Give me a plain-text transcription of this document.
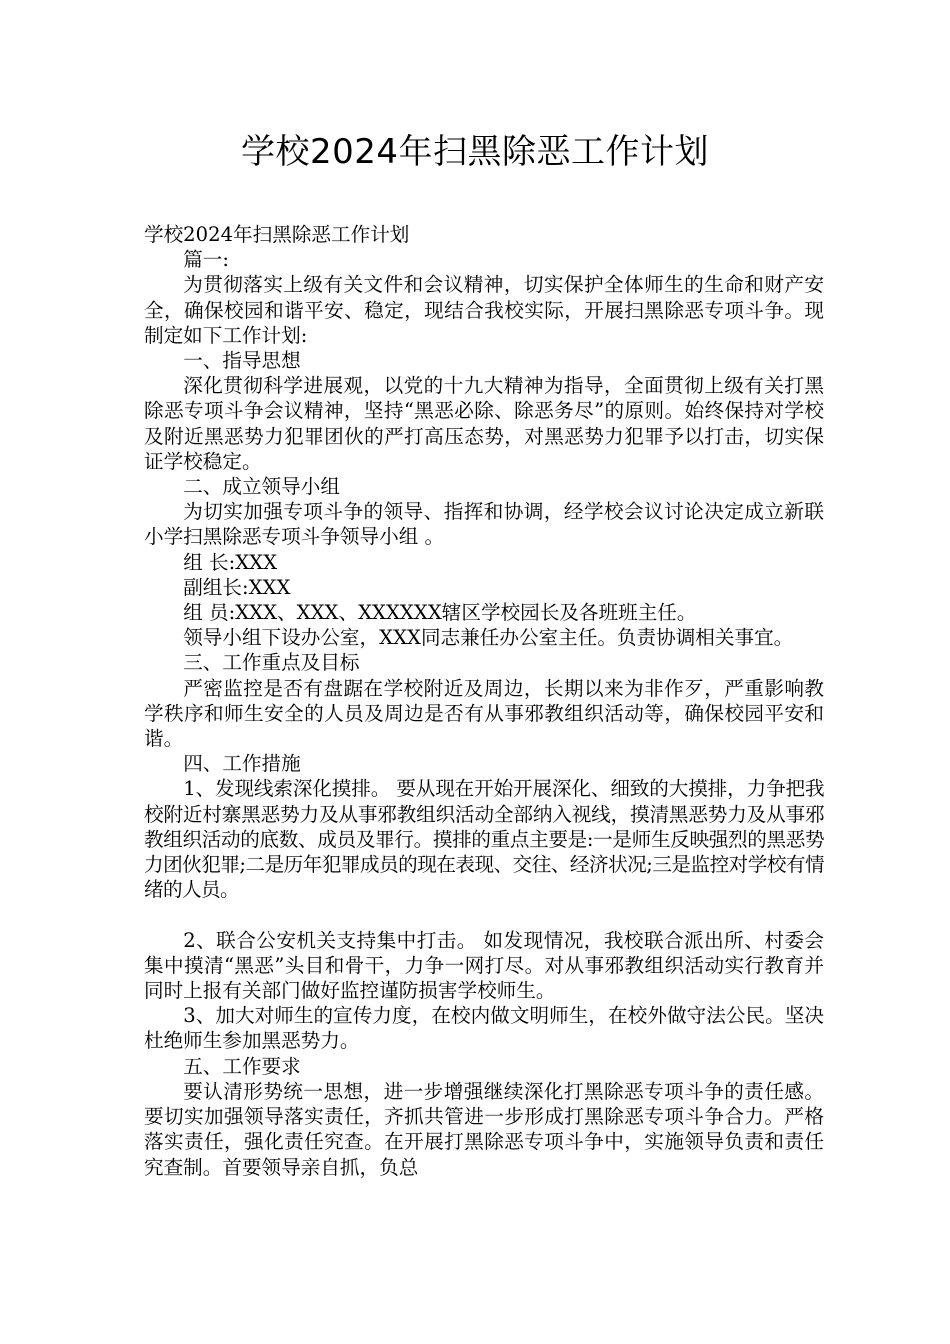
学校2024年扫黑除恶工作计划

学校2024年扫黑除恶工作计划

篇一:

为贯彻落实上级有关文件和会议精神，切实保护全体师生的生命和财产安全，确保校园和谐平安、稳定，现结合我校实际，开展扫黑除恶专项斗争。现制定如下工作计划:

一、指导思想

深化贯彻科学进展观，以党的十九大精神为指导，全面贯彻上级有关打黑除恶专项斗争会议精神，坚持“黑恶必除、除恶务尽”的原则。始终保持对学校及附近黑恶势力犯罪团伙的严打高压态势，对黑恶势力犯罪予以打击，切实保证学校稳定。

二、成立领导小组

为切实加强专项斗争的领导、指挥和协调，经学校会议讨论决定成立新联小学扫黑除恶专项斗争领导小组 。

组 长:XXX

副组长:XXX

组 员:XXX、XXX、XXXXXX辖区学校园长及各班班主任。

领导小组下设办公室，XXX同志兼任办公室主任。负责协调相关事宜。

三、工作重点及目标

严密监控是否有盘踞在学校附近及周边，长期以来为非作歹，严重影响教学秩序和师生安全的人员及周边是否有从事邪教组织活动等，确保校园平安和谐。

四、工作措施

1、发现线索深化摸排。 要从现在开始开展深化、细致的大摸排，力争把我校附近村寨黑恶势力及从事邪教组织活动全部纳入视线，摸清黑恶势力及从事邪教组织活动的底数、成员及罪行。摸排的重点主要是:一是师生反映强烈的黑恶势力团伙犯罪;二是历年犯罪成员的现在表现、交往、经济状况;三是监控对学校有情绪的人员。

2、联合公安机关支持集中打击。 如发现情况，我校联合派出所、村委会集中摸清“黑恶”头目和骨干，力争一网打尽。对从事邪教组织活动实行教育并同时上报有关部门做好监控谨防损害学校师生。

3、加大对师生的宣传力度，在校内做文明师生，在校外做守法公民。坚决杜绝师生参加黑恶势力。

五、工作要求

要认清形势统一思想，进一步增强继续深化打黑除恶专项斗争的责任感。要切实加强领导落实责任，齐抓共管进一步形成打黑除恶专项斗争合力。严格落实责任，强化责任究查。在开展打黑除恶专项斗争中，实施领导负责和责任究查制。首要领导亲自抓，负总
